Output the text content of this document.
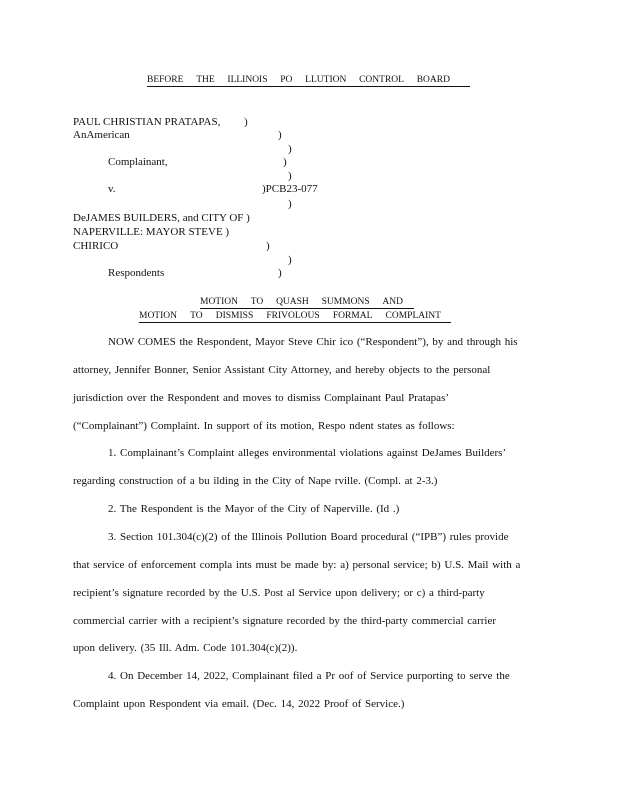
BEFORE THE ILLINOIS PO LLUTION CONTROL BOARD
PAUL CHRISTIAN PRATAPAS, )
AnAmerican	)
)
Complainant,	)
)
v.	)PCB23-077
)
DeJAMES BUILDERS, and CITY OF )
NAPERVILLE: MAYOR STEVE )
CHIRICO	)
)
Respondents	)
MOTION TO QUASH SUMMONS AND
MOTION TO DISMISS FRIVOLOUS FORMAL COMPLAINT
NOW COMES the Respondent, Mayor Steve Chir ico (“Respondent”), by and through his
attorney, Jennifer Bonner, Senior Assistant City Attorney, and hereby objects to the personal
jurisdiction over the Respondent and moves to dismiss Complainant Paul Pratapas’
(“Complainant”) Complaint. In support of its motion, Respo ndent states as follows:
1. Complainant’s Complaint alleges environmental violations against DeJames Builders’
regarding construction of a bu ilding in the City of Nape rville. (Compl. at 2-3.)
2. The Respondent is the Mayor of the City of Naperville. (Id .)
3. Section 101.304(c)(2) of the Illinois Pollution Board procedural (“IPB”) rules provide
that service of enforcement compla ints must be made by: a) personal service; b) U.S. Mail with a
recipient’s signature recorded by the U.S. Post al Service upon delivery; or c) a third-party
commercial carrier with a recipient’s signature recorded by the third-party commercial carrier
upon delivery. (35 Ill. Adm. Code 101.304(c)(2)).
4. On December 14, 2022, Complainant filed a Pr oof of Service purporting to serve the
Complaint upon Respondent via email. (Dec. 14, 2022 Proof of Service.)
